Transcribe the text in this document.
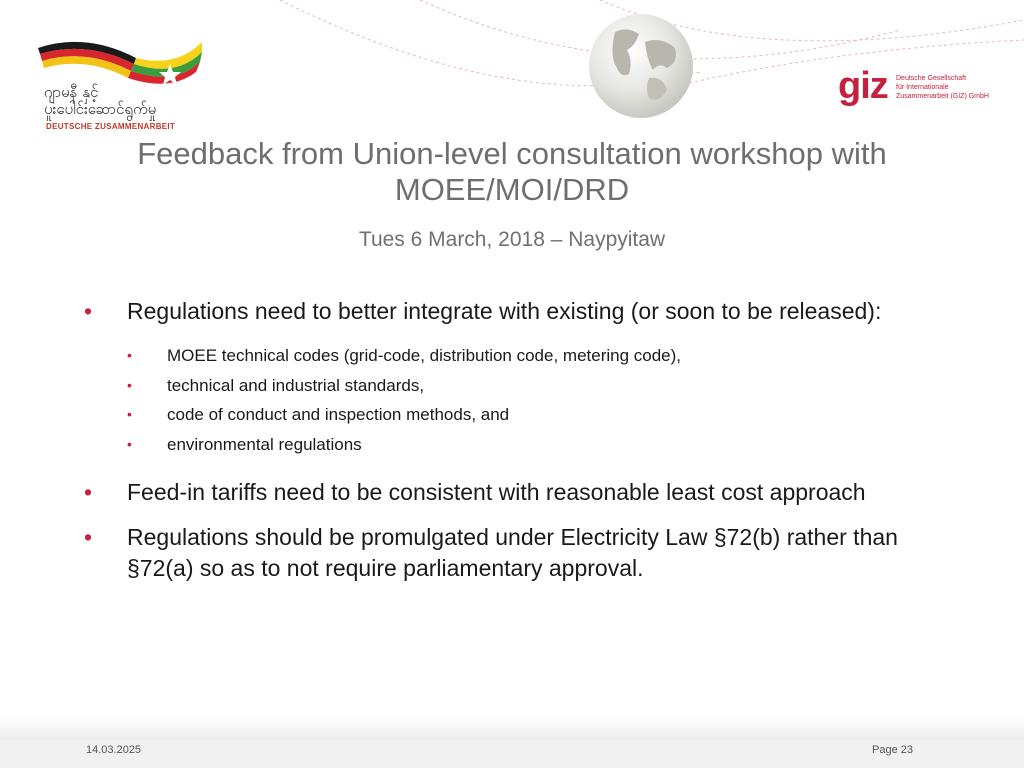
ဂျာမနီ နှင့်
ပူးပေါင်းဆောင်ရွက်မှု
DEUTSCHE ZUSAMMENARBEIT
giz Deutsche Gesellschaft
für Internationale
Zusammenarbeit (GIZ) GmbH
Feedback from Union-level consultation workshop with
MOEE/MOI/DRD
Tues 6 March, 2018 – Naypyitaw
• Regulations need to better integrate with existing (or soon to be released):
• MOEE technical codes (grid-code, distribution code, metering code),
• technical and industrial standards,
• code of conduct and inspection methods, and
• environmental regulations
• Feed-in tariffs need to be consistent with reasonable least cost approach
• Regulations should be promulgated under Electricity Law §72(b) rather than §72(a) so as to not require parliamentary approval.
14.03.2025	Page 23
